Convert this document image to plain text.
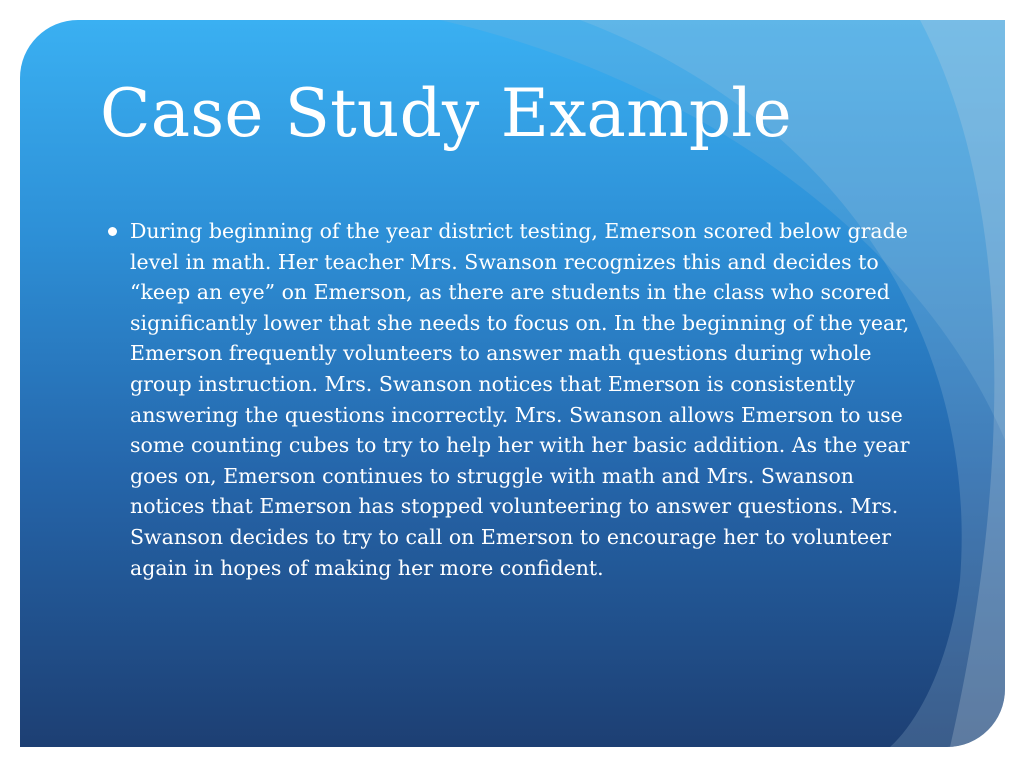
Case Study Example

During beginning of the year district testing, Emerson scored below grade level in math. Her teacher Mrs. Swanson recognizes this and decides to “keep an eye” on Emerson, as there are students in the class who scored significantly lower that she needs to focus on. In the beginning of the year, Emerson frequently volunteers to answer math questions during whole group instruction. Mrs. Swanson notices that Emerson is consistently answering the questions incorrectly. Mrs. Swanson allows Emerson to use some counting cubes to try to help her with her basic addition. As the year goes on, Emerson continues to struggle with math and Mrs. Swanson notices that Emerson has stopped volunteering to answer questions. Mrs. Swanson decides to try to call on Emerson to encourage her to volunteer again in hopes of making her more confident.
